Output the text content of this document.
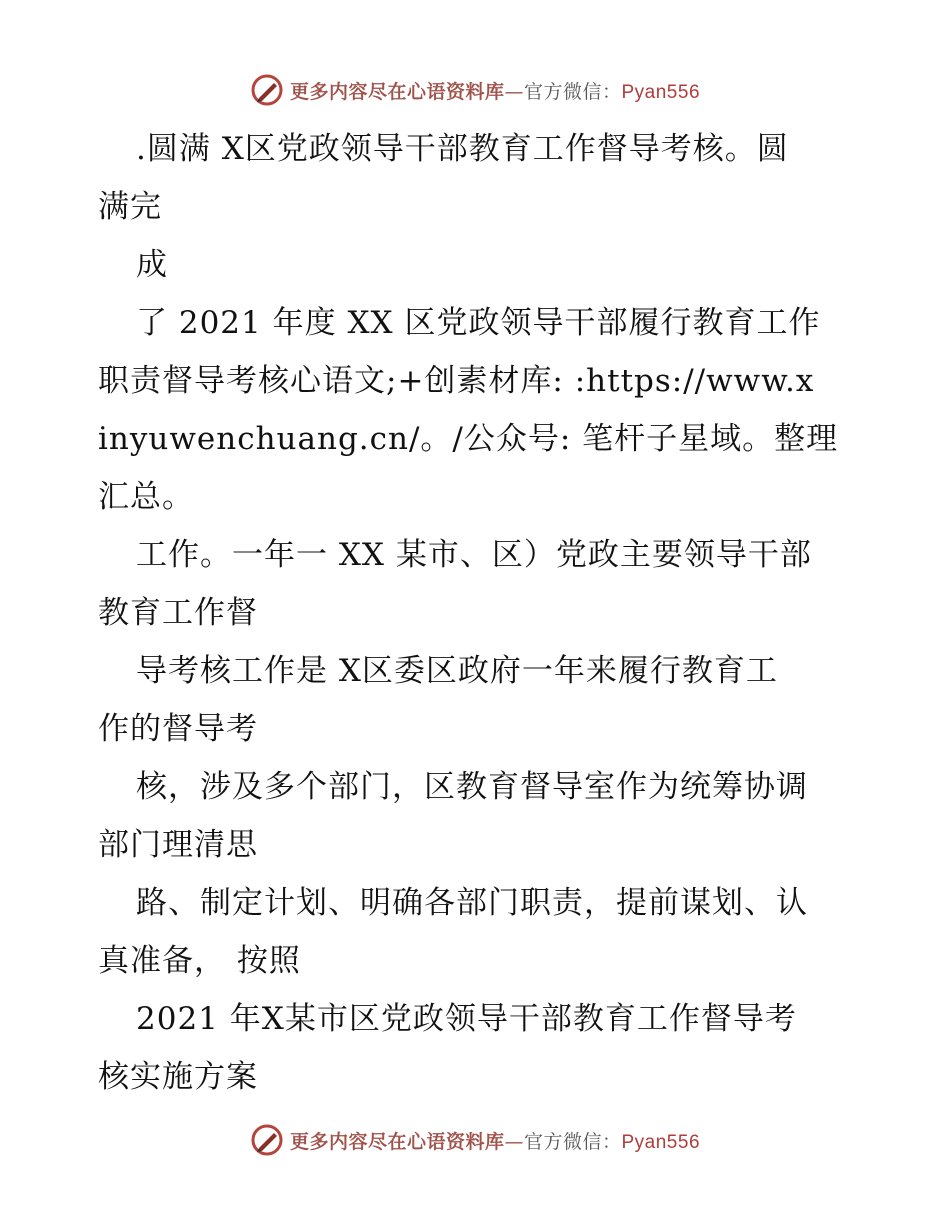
更多内容尽在心语资料库—官方微信：Pyan556
.圆满 X区党政领导干部教育工作督导考核。圆
满完
成
了 2021 年度 XX 区党政领导干部履行教育工作
职责督导考核心语文;+创素材库: :https://www.x
inyuwenchuang.cn/。/公众号: 笔杆子星域。整理
汇总。
工作。一年一 XX 某市、区）党政主要领导干部
教育工作督
导考核工作是 X区委区政府一年来履行教育工
作的督导考
核，涉及多个部门，区教育督导室作为统筹协调
部门理清思
路、制定计划、明确各部门职责，提前谋划、认
真准备， 按照
2021 年X某市区党政领导干部教育工作督导考
核实施方案
更多内容尽在心语资料库—官方微信：Pyan556
